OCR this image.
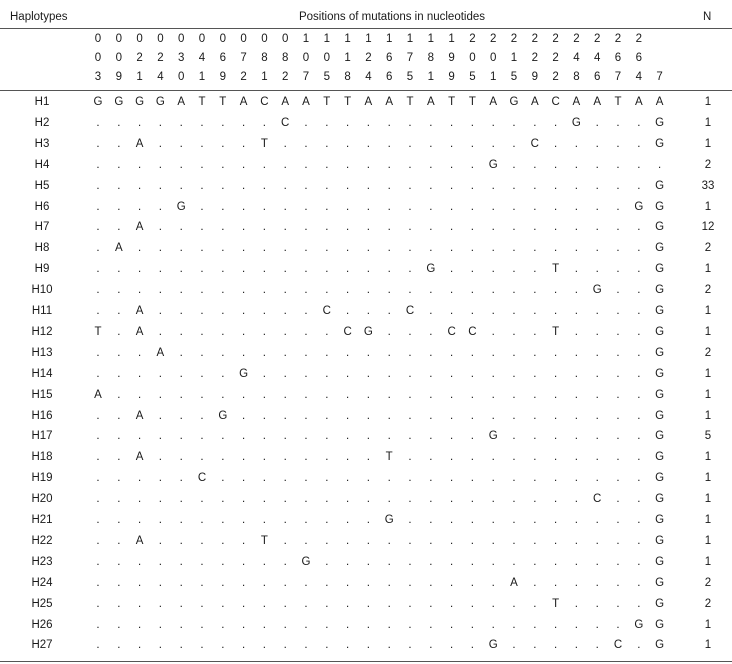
Haplotypes	Positions of mutations in nucleotides	N
0 0 0 0 0 0 0 0 0 0 1 1 1 1 1 1 1 1 2 2 2 2 2 2 2 2 2
0 0 2 2 3 4 6 7 8 8 0 0 1 2 6 7 8 9 0 0 1 2 2 4 4 6 6
3 9 1 4 0 1 9 2 1 2 7 5 8 4 6 5 1 9 5 1 5 9 2 8 6 7 4 7
H1	G G G G A T T A C A A T T A A T A T T A G A C A A T A A	1
H2	. . . . . . . . . C . . . . . . . . . . . . . G . . . G	1
H3	. . A . . . . . T . . . . . . . . . . . . C . . . . . G	1
H4	. . . . . . . . . . . . . . . . . . . G . . . . . . . .	2
H5	. . . . . . . . . . . . . . . . . . . . . . . . . . . G	33
H6	. . . . G . . . . . . . . . . . . . . . . . . . . . G G	1
H7	. . A . . . . . . . . . . . . . . . . . . . . . . . . G	12
H8	. A . . . . . . . . . . . . . . . . . . . . . . . . . G	2
H9	. . . . . . . . . . . . . . . . G . . . . . T . . . . G	1
H10	. . . . . . . . . . . . . . . . . . . . . . . . G . . G	2
H11	. . A . . . . . . . . C . . . C . . . . . . . . . . . G	1
H12	T . A . . . . . . . . . C G . . . C C . . . T . . . . G	1
H13	. . . A . . . . . . . . . . . . . . . . . . . . . . . G	2
H14	. . . . . . . G . . . . . . . . . . . . . . . . . . . G	1
H15	A . . . . . . . . . . . . . . . . . . . . . . . . . . G	1
H16	. . A . . . G . . . . . . . . . . . . . . . . . . . . G	1
H17	. . . . . . . . . . . . . . . . . . . G . . . . . . . G	5
H18	. . A . . . . . . . . . . . T . . . . . . . . . . . . G	1
H19	. . . . . C . . . . . . . . . . . . . . . . . . . . . G	1
H20	. . . . . . . . . . . . . . . . . . . . . . . . C . . G	1
H21	. . . . . . . . . . . . . . G . . . . . . . . . . . . G	1
H22	. . A . . . . . T . . . . . . . . . . . . . . . . . . G	1
H23	. . . . . . . . . . G . . . . . . . . . . . . . . . . G	1
H24	. . . . . . . . . . . . . . . . . . . . A . . . . . . G	2
H25	. . . . . . . . . . . . . . . . . . . . . . T . . . . G	2
H26	. . . . . . . . . . . . . . . . . . . . . . . . . . G G	1
H27	. . . . . . . . . . . . . . . . . . . G . . . . . C . G	1
